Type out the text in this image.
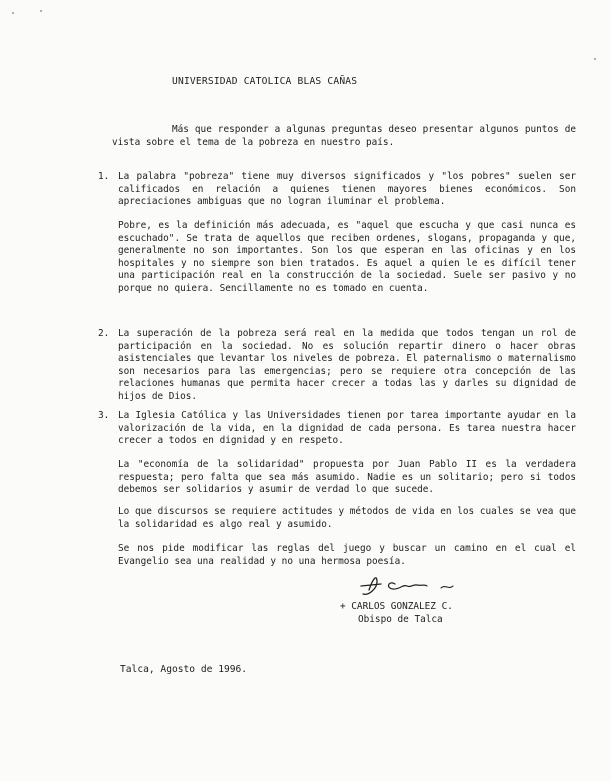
UNIVERSIDAD CATOLICA BLAS CAÑAS

Más que responder a algunas preguntas deseo presentar algunos puntos de vista sobre el tema de la pobreza en nuestro país.

1. La palabra "pobreza" tiene muy diversos significados y "los pobres" suelen ser calificados en relación a quienes tienen mayores bienes económicos. Son apreciaciones ambiguas que no logran iluminar el problema.

Pobre, es la definición más adecuada, es "aquel que escucha y que casi nunca es escuchado". Se trata de aquellos que reciben ordenes, slogans, propaganda y que, generalmente no son importantes. Son los que esperan en las oficinas y en los hospitales y no siempre son bien tratados. Es aquel a quien le es difícil tener una participación real en la construcción de la sociedad. Suele ser pasivo y no porque no quiera. Sencillamente no es tomado en cuenta.

2. La superación de la pobreza será real en la medida que todos tengan un rol de participación en la sociedad. No es solución repartir dinero o hacer obras asistenciales que levantar los niveles de pobreza. El paternalismo o maternalismo son necesarios para las emergencias; pero se requiere otra concepción de las relaciones humanas que permita hacer crecer a todas las y darles su dignidad de hijos de Dios.

3. La Iglesia Católica y las Universidades tienen por tarea importante ayudar en la valorización de la vida, en la dignidad de cada persona. Es tarea nuestra hacer crecer a todos en dignidad y en respeto.

La "economía de la solidaridad" propuesta por Juan Pablo II es la verdadera respuesta; pero falta que sea más asumido. Nadie es un solitario; pero si todos debemos ser solidarios y asumir de verdad lo que sucede.

Lo que discursos se requiere actitudes y métodos de vida en los cuales se vea que la solidaridad es algo real y asumido.

Se nos pide modificar las reglas del juego y buscar un camino en el cual el Evangelio sea una realidad y no una hermosa poesía.

+ CARLOS GONZALEZ C.
Obispo de Talca
Talca, Agosto de 1996.
